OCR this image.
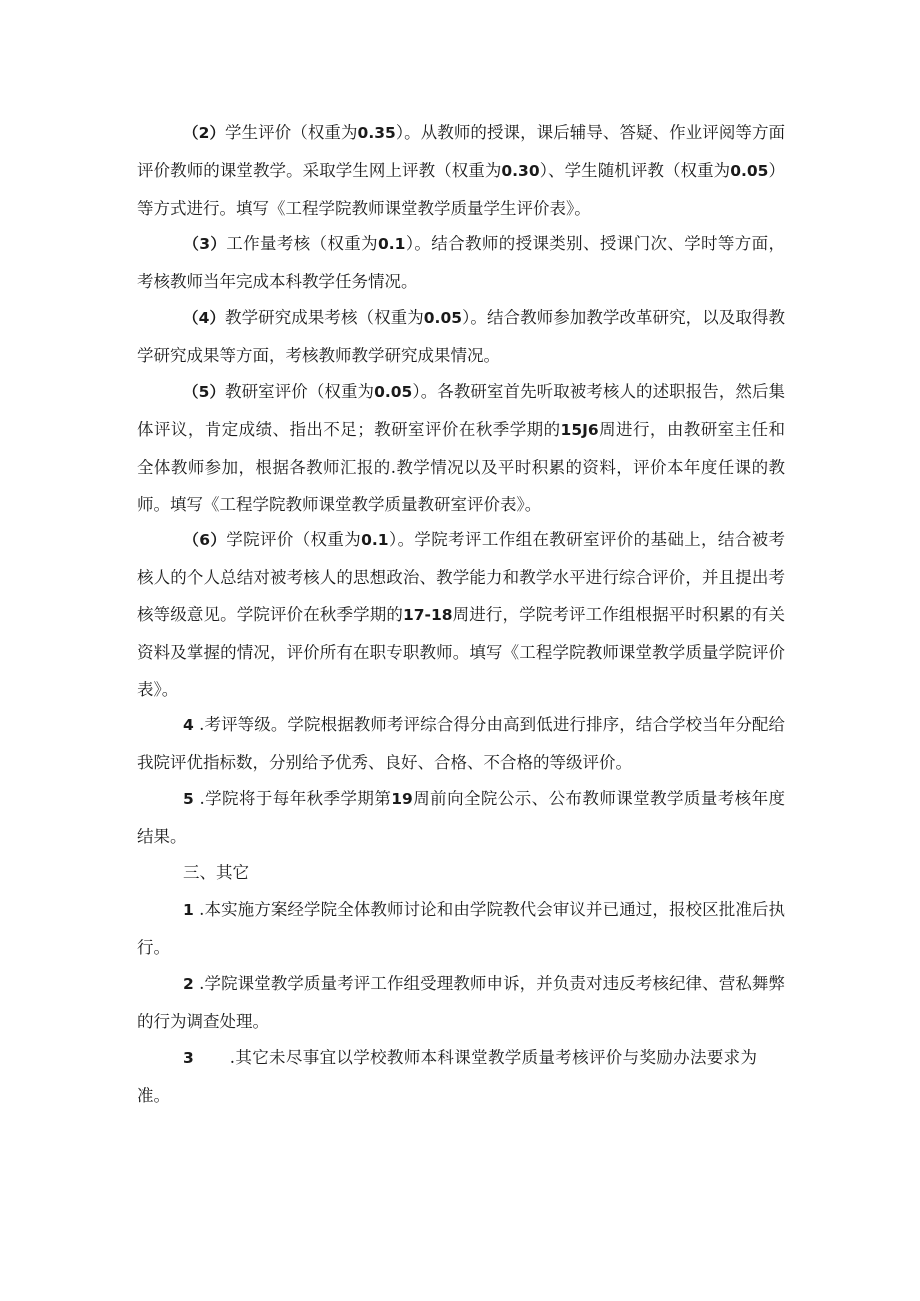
（2）学生评价（权重为0.35）。从教师的授课，课后辅导、答疑、作业评阅等方面评价教师的课堂教学。采取学生网上评教（权重为0.30）、学生随机评教（权重为0.05）等方式进行。填写《工程学院教师课堂教学质量学生评价表》。

（3）工作量考核（权重为0.1）。结合教师的授课类别、授课门次、学时等方面，考核教师当年完成本科教学任务情况。

（4）教学研究成果考核（权重为0.05）。结合教师参加教学改革研究，以及取得教学研究成果等方面，考核教师教学研究成果情况。

（5）教研室评价（权重为0.05）。各教研室首先听取被考核人的述职报告，然后集体评议，肯定成绩、指出不足；教研室评价在秋季学期的15J6周进行，由教研室主任和全体教师参加，根据各教师汇报的.教学情况以及平时积累的资料，评价本年度任课的教师。填写《工程学院教师课堂教学质量教研室评价表》。

（6）学院评价（权重为0.1）。学院考评工作组在教研室评价的基础上，结合被考核人的个人总结对被考核人的思想政治、教学能力和教学水平进行综合评价，并且提出考核等级意见。学院评价在秋季学期的17-18周进行，学院考评工作组根据平时积累的有关资料及掌握的情况，评价所有在职专职教师。填写《工程学院教师课堂教学质量学院评价表》。

4 .考评等级。学院根据教师考评综合得分由高到低进行排序，结合学校当年分配给我院评优指标数，分别给予优秀、良好、合格、不合格的等级评价。

5 .学院将于每年秋季学期第19周前向全院公示、公布教师课堂教学质量考核年度结果。

三、其它

1 .本实施方案经学院全体教师讨论和由学院教代会审议并已通过，报校区批准后执行。

2 .学院课堂教学质量考评工作组受理教师申诉，并负责对违反考核纪律、营私舞弊的行为调查处理。

3 .其它未尽事宜以学校教师本科课堂教学质量考核评价与奖励办法要求为准。
